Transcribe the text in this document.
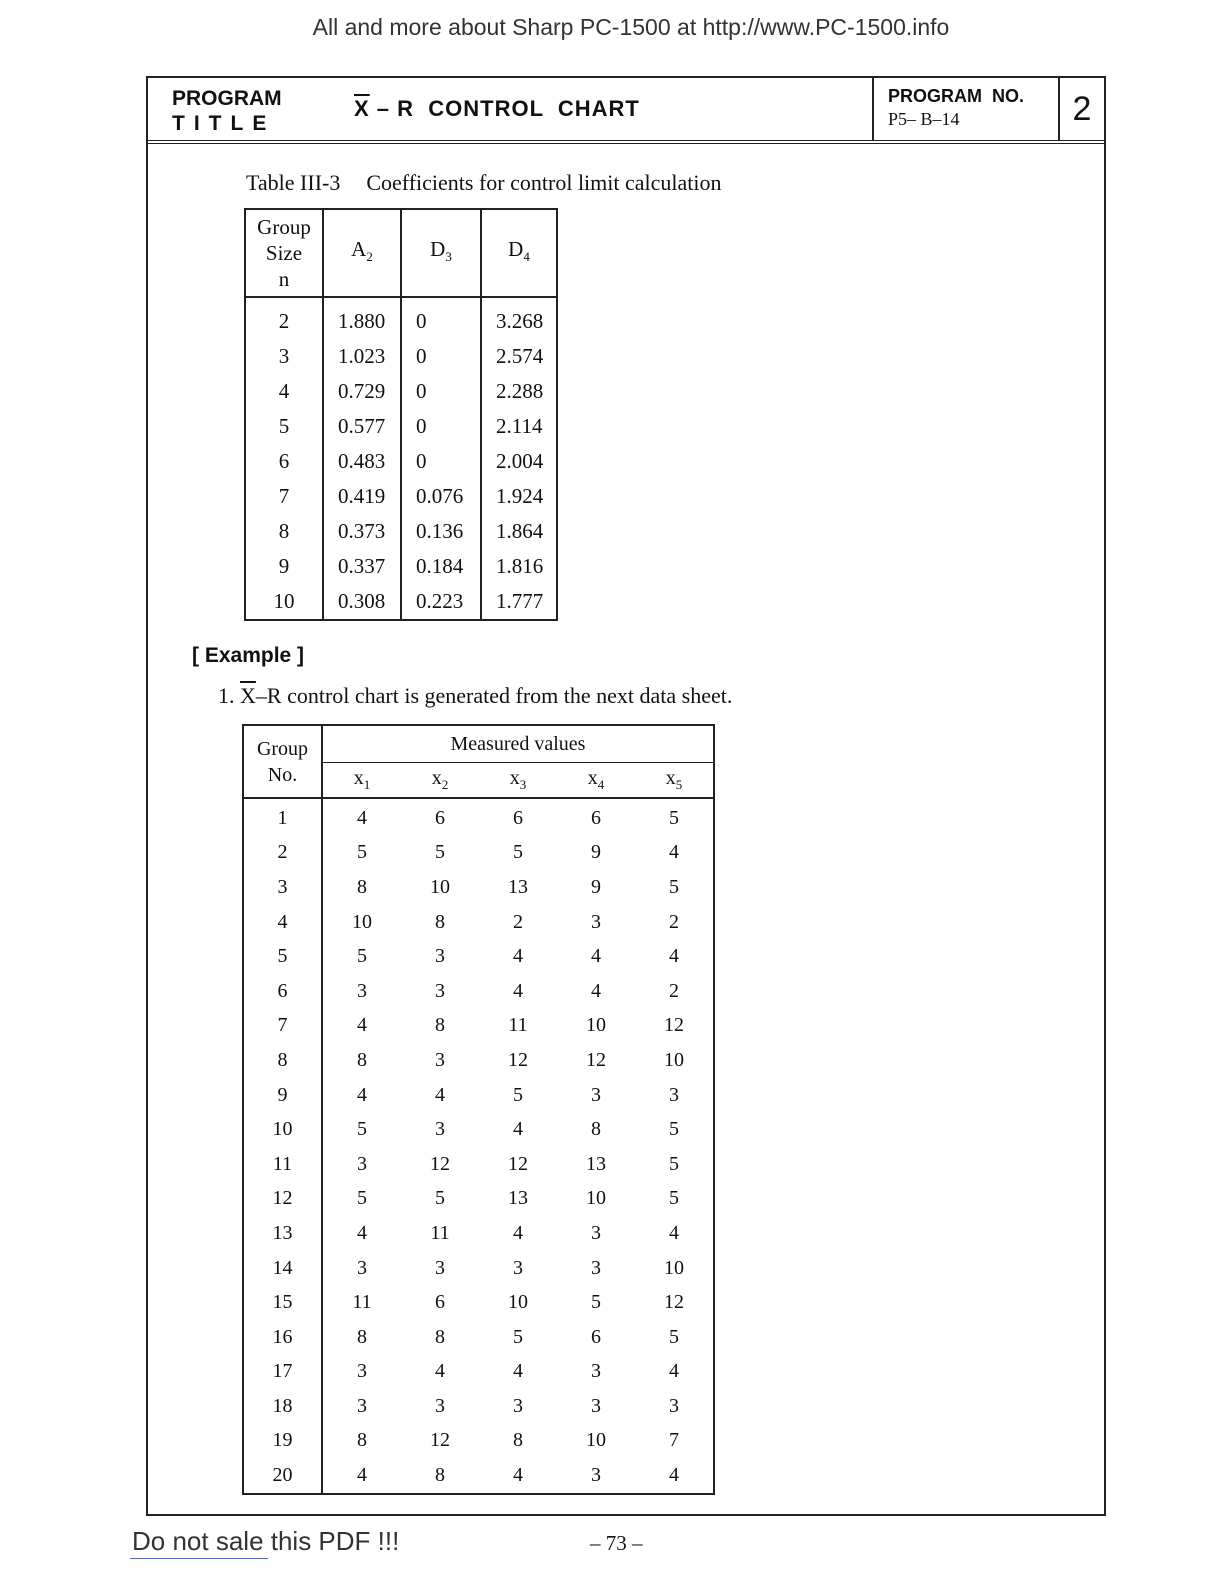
All and more about Sharp PC-1500 at http://www.PC-1500.info
PROGRAM
TITLE
$\overline{X}$ – R  CONTROL  CHART	PROGRAM  NO.
P5– B–14	2
Table III-3 Coefficients for control limit calculation
Group
Size
n	$A_2$	$D_3$	$D_4$
2	1.880	0	3.268
3	1.023	0	2.574
4	0.729	0	2.288
5	0.577	0	2.114
6	0.483	0	2.004
7	0.419	0.076	1.924
8	0.373	0.136	1.864
9	0.337	0.184	1.816
10	0.308	0.223	1.777
[ Example ]
1. $\overline{X}-R$ control chart is generated from the next data sheet.
Group
No.	Measured values				
	$x_1$	$x_2$	$x_3$	$x_4$	$x_5$
1	4	6	6	6	5
2	5	5	5	9	4
3	8	10	13	9	5
4	10	8	2	3	2
5	5	3	4	4	4
6	3	3	4	4	2
7	4	8	11	10	12
8	8	3	12	12	10
9	4	4	5	3	3
10	5	3	4	8	5
11	3	12	12	13	5
12	5	5	13	10	5
13	4	11	4	3	4
14	3	3	3	3	10
15	11	6	10	5	12
16	8	8	5	6	5
17	3	4	4	3	4
18	3	3	3	3	3
19	8	12	8	10	7
20	4	8	4	3	4
Do not sale this PDF !!!	– 73 –
